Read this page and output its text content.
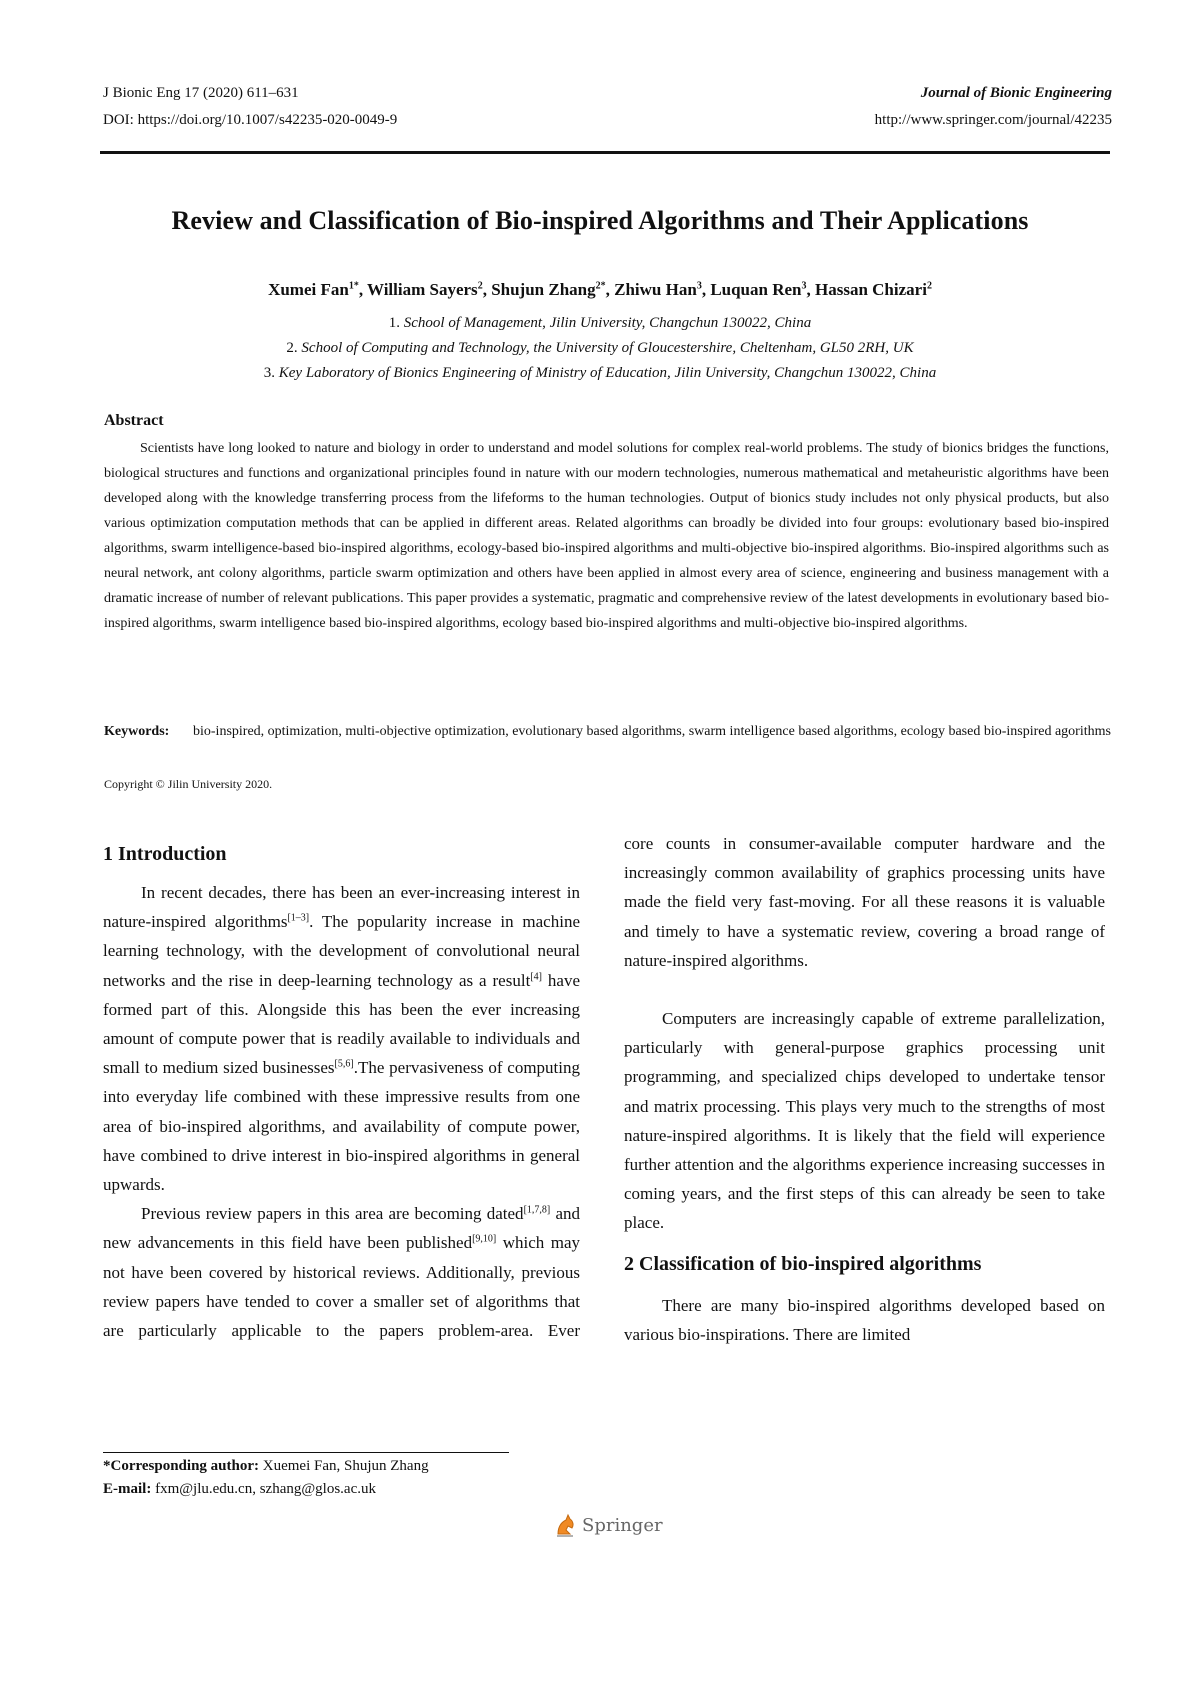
J Bionic Eng 17 (2020) 611–631
DOI: https://doi.org/10.1007/s42235-020-0049-9
Journal of Bionic Engineering
http://www.springer.com/journal/42235
Review and Classification of Bio-inspired Algorithms and Their Applications
Xumei Fan$^{1*}$, William Sayers$^2$, Shujun Zhang$^{2*}$, Zhiwu Han$^3$, Luquan Ren$^3$, Hassan Chizari$^2$
1. School of Management, Jilin University, Changchun 130022, China
2. School of Computing and Technology, the University of Gloucestershire, Cheltenham, GL50 2RH, UK
3. Key Laboratory of Bionics Engineering of Ministry of Education, Jilin University, Changchun 130022, China
Abstract
Scientists have long looked to nature and biology in order to understand and model solutions for complex real-world problems. The study of bionics bridges the functions, biological structures and functions and organizational principles found in nature with our modern technologies, numerous mathematical and metaheuristic algorithms have been developed along with the knowledge transferring process from the lifeforms to the human technologies. Output of bionics study includes not only physical products, but also various optimization computation methods that can be applied in different areas. Related algorithms can broadly be divided into four groups: evolutionary based bio-inspired algorithms, swarm intelligence-based bio-inspired algorithms, ecology-based bio-inspired algorithms and multi-objective bio-inspired algorithms. Bio-inspired algorithms such as neural network, ant colony algorithms, particle swarm optimization and others have been applied in almost every area of science, engineering and business management with a dramatic increase of number of relevant publications. This paper provides a systematic, pragmatic and comprehensive review of the latest developments in evolutionary based bio-inspired algorithms, swarm intelligence based bio-inspired algorithms, ecology based bio-inspired algorithms and multi-objective bio-inspired algorithms.
Keywords: bio-inspired, optimization, multi-objective optimization, evolutionary based algorithms, swarm intelligence based algorithms, ecology based bio-inspired agorithms
Copyright © Jilin University 2020.
1 Introduction

In recent decades, there has been an ever-increasing interest in nature-inspired algorithms[1–3]. The popularity increase in machine learning technology, with the development of convolutional neural networks and the rise in deep-learning technology as a result[4] have formed part of this. Alongside this has been the ever increasing amount of compute power that is readily available to individuals and small to medium sized businesses[5,6].The pervasiveness of computing into everyday life combined with these impressive results from one area of bio-inspired algorithms, and availability of compute power, have combined to drive interest in bio-inspired algorithms in general upwards.

Previous review papers in this area are becoming dated[1,7,8] and new advancements in this field have been published[9,10] which may not have been covered by historical reviews. Additionally, previous review papers have tended to cover a smaller set of algorithms that are particularly applicable to the papers problem-area. Ever

core counts in consumer-available computer hardware and the increasingly common availability of graphics processing units have made the field very fast-moving. For all these reasons it is valuable and timely to have a systematic review, covering a broad range of nature-inspired algorithms.

Computers are increasingly capable of extreme parallelization, particularly with general-purpose graphics processing unit programming, and specialized chips developed to undertake tensor and matrix processing. This plays very much to the strengths of most nature-inspired algorithms. It is likely that the field will experience further attention and the algorithms experience increasing successes in coming years, and the first steps of this can already be seen to take place.

2 Classification of bio-inspired algorithms

There are many bio-inspired algorithms developed based on various bio-inspirations. There are limited

*Corresponding author: Xuemei Fan, Shujun Zhang
E-mail: fxm@jlu.edu.cn, szhang@glos.ac.uk
Springer
